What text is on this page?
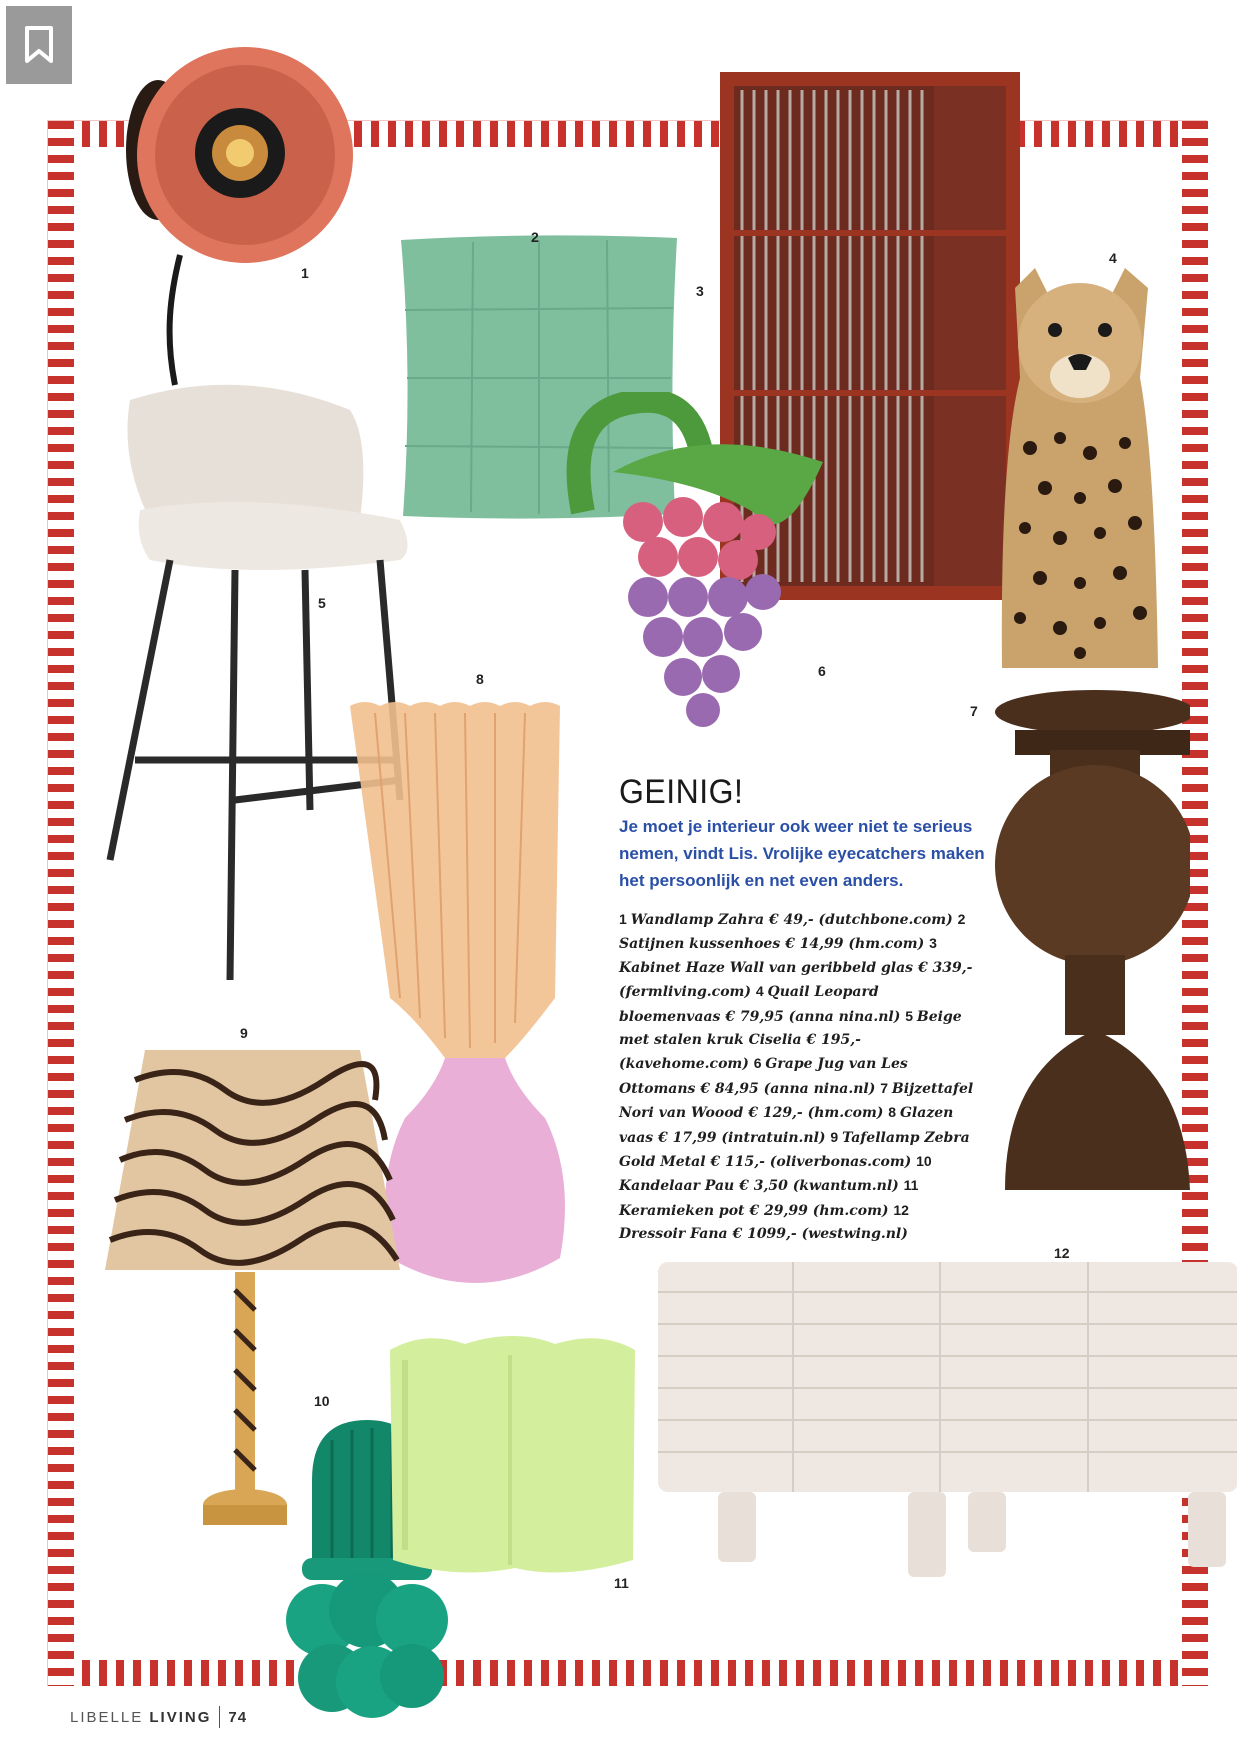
1
2
3
4
5
6
7
8
9
10
11
12
GEINIG!
Je moet je interieur ook weer niet te serieus nemen, vindt Lis. Vrolijke eyecatchers maken het persoonlijk en net even anders.
1 Wandlamp Zahra € 49,- (dutchbone.com) 2 Satijnen kussenhoes € 14,99 (hm.com) 3 Kabinet Haze Wall van geribbeld glas € 339,- (fermliving.com) 4 Quail Leopard bloemenvaas € 79,95 (anna nina.nl) 5 Beige met stalen kruk Ciselia € 195,- (kavehome.com) 6 Grape Jug van Les Ottomans € 84,95 (anna nina.nl) 7 Bijzettafel Nori van Woood € 129,- (hm.com) 8 Glazen vaas € 17,99 (intratuin.nl) 9 Tafellamp Zebra Gold Metal € 115,- (oliverbonas.com) 10 Kandelaar Pau € 3,50 (kwantum.nl) 11 Keramieken pot € 29,99 (hm.com) 12 Dressoir Fana € 1099,- (westwing.nl)
LIBELLE LIVING 74
